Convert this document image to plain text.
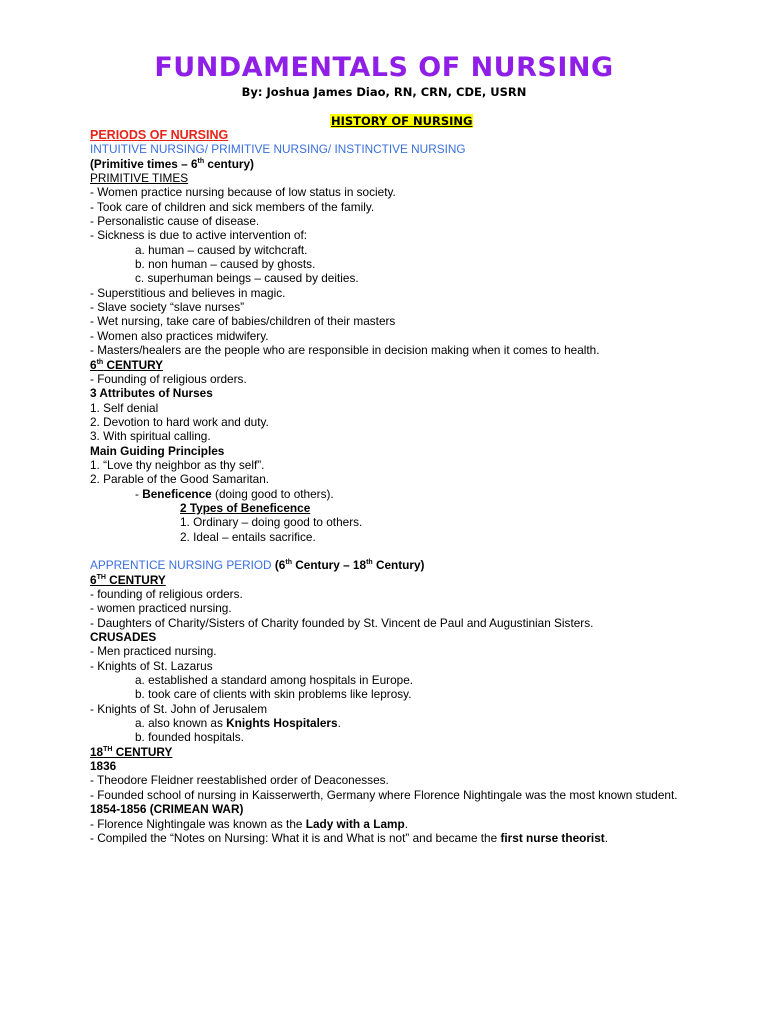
FUNDAMENTALS OF NURSING
By: Joshua James Diao, RN, CRN, CDE, USRN
HISTORY OF NURSING
PERIODS OF NURSING
INTUITIVE NURSING/ PRIMITIVE NURSING/ INSTINCTIVE NURSING
(Primitive times – 6th century)
PRIMITIVE TIMES
- Women practice nursing because of low status in society.
- Took care of children and sick members of the family.
- Personalistic cause of disease.
- Sickness is due to active intervention of:
a. human – caused by witchcraft.
b. non human – caused by ghosts.
c. superhuman beings – caused by deities.
- Superstitious and believes in magic.
- Slave society “slave nurses”
- Wet nursing, take care of babies/children of their masters
- Women also practices midwifery.
- Masters/healers are the people who are responsible in decision making when it comes to health.
6th CENTURY
- Founding of religious orders.
3 Attributes of Nurses
1. Self denial
2. Devotion to hard work and duty.
3. With spiritual calling.
Main Guiding Principles
1. “Love thy neighbor as thy self”.
2. Parable of the Good Samaritan.
- Beneficence (doing good to others).
2 Types of Beneficence
1. Ordinary – doing good to others.
2. Ideal – entails sacrifice.
APPRENTICE NURSING PERIOD (6th Century – 18th Century)
6TH CENTURY
- founding of religious orders.
- women practiced nursing.
- Daughters of Charity/Sisters of Charity founded by St. Vincent de Paul and Augustinian Sisters.
CRUSADES
- Men practiced nursing.
- Knights of St. Lazarus
a. established a standard among hospitals in Europe.
b. took care of clients with skin problems like leprosy.
- Knights of St. John of Jerusalem
a. also known as Knights Hospitalers.
b. founded hospitals.
18TH CENTURY
1836
- Theodore Fleidner reestablished order of Deaconesses.
- Founded school of nursing in Kaisserwerth, Germany where Florence Nightingale was the most known student.
1854-1856 (CRIMEAN WAR)
- Florence Nightingale was known as the Lady with a Lamp.
- Compiled the “Notes on Nursing: What it is and What is not” and became the first nurse theorist.
